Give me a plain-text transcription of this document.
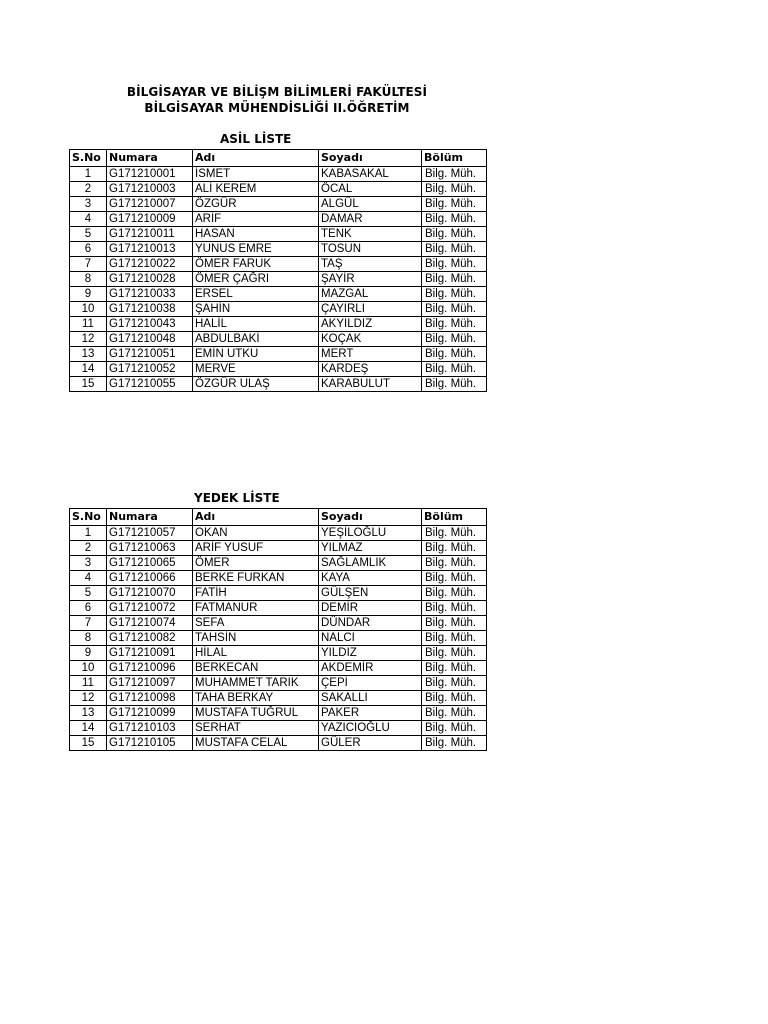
BİLGİSAYAR VE BİLİŞM BİLİMLERİ FAKÜLTESİ
BİLGİSAYAR MÜHENDİSLİĞİ II.ÖĞRETİM
ASİL LİSTE
S.No	Numara	Adı	Soyadı	Bölüm
1	G171210001	İSMET	KABASAKAL	Bilg. Müh.
2	G171210003	ALİ KEREM	ÖCAL	Bilg. Müh.
3	G171210007	ÖZGÜR	ALGÜL	Bilg. Müh.
4	G171210009	ARİF	DAMAR	Bilg. Müh.
5	G171210011	HASAN	TENK	Bilg. Müh.
6	G171210013	YUNUS EMRE	TOSUN	Bilg. Müh.
7	G171210022	ÖMER FARUK	TAŞ	Bilg. Müh.
8	G171210028	ÖMER ÇAĞRI	ŞAYİR	Bilg. Müh.
9	G171210033	ERSEL	MAZGAL	Bilg. Müh.
10	G171210038	ŞAHİN	ÇAYIRLI	Bilg. Müh.
11	G171210043	HALİL	AKYILDIZ	Bilg. Müh.
12	G171210048	ABDULBAKİ	KOÇAK	Bilg. Müh.
13	G171210051	EMİN UTKU	MERT	Bilg. Müh.
14	G171210052	MERVE	KARDEŞ	Bilg. Müh.
15	G171210055	ÖZGÜR ULAŞ	KARABULUT	Bilg. Müh.
YEDEK LİSTE
S.No	Numara	Adı	Soyadı	Bölüm
1	G171210057	OKAN	YEŞİLOĞLU	Bilg. Müh.
2	G171210063	ARİF YUSUF	YILMAZ	Bilg. Müh.
3	G171210065	ÖMER	SAĞLAMLIK	Bilg. Müh.
4	G171210066	BERKE FURKAN	KAYA	Bilg. Müh.
5	G171210070	FATİH	GÜLŞEN	Bilg. Müh.
6	G171210072	FATMANUR	DEMİR	Bilg. Müh.
7	G171210074	SEFA	DÜNDAR	Bilg. Müh.
8	G171210082	TAHSİN	NALCI	Bilg. Müh.
9	G171210091	HİLAL	YILDIZ	Bilg. Müh.
10	G171210096	BERKECAN	AKDEMİR	Bilg. Müh.
11	G171210097	MUHAMMET TARIK	ÇEPİ	Bilg. Müh.
12	G171210098	TAHA BERKAY	SAKALLI	Bilg. Müh.
13	G171210099	MUSTAFA TUĞRUL	PAKER	Bilg. Müh.
14	G171210103	SERHAT	YAZICIOĞLU	Bilg. Müh.
15	G171210105	MUSTAFA CELAL	GÜLER	Bilg. Müh.
